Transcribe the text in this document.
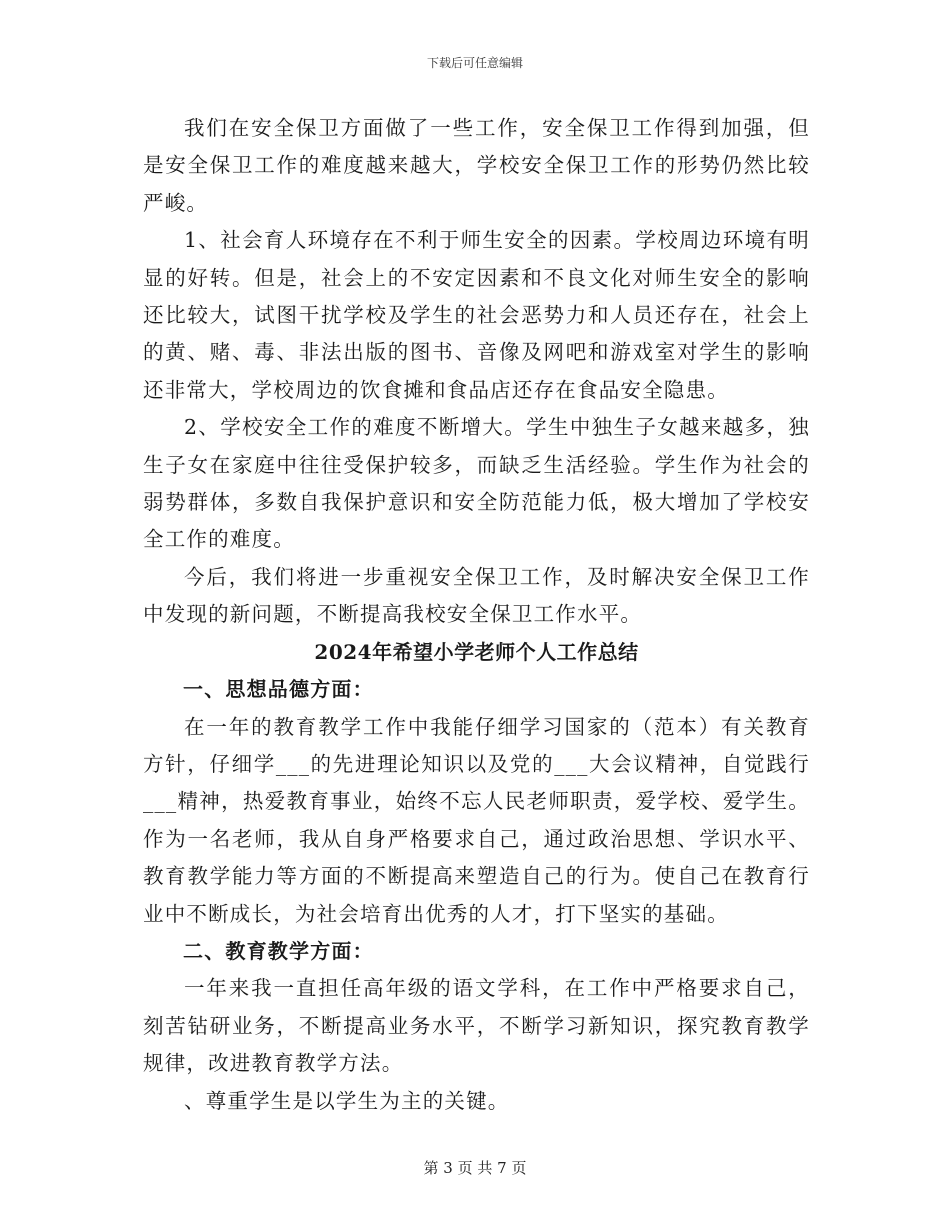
下载后可任意编辑

我们在安全保卫方面做了一些工作，安全保卫工作得到加强，但是安全保卫工作的难度越来越大，学校安全保卫工作的形势仍然比较严峻。

1、社会育人环境存在不利于师生安全的因素。学校周边环境有明显的好转。但是，社会上的不安定因素和不良文化对师生安全的影响还比较大，试图干扰学校及学生的社会恶势力和人员还存在，社会上的黄、赌、毒、非法出版的图书、音像及网吧和游戏室对学生的影响还非常大，学校周边的饮食摊和食品店还存在食品安全隐患。

2、学校安全工作的难度不断增大。学生中独生子女越来越多，独生子女在家庭中往往受保护较多，而缺乏生活经验。学生作为社会的弱势群体，多数自我保护意识和安全防范能力低，极大增加了学校安全工作的难度。

今后，我们将进一步重视安全保卫工作，及时解决安全保卫工作中发现的新问题，不断提高我校安全保卫工作水平。

2024年希望小学老师个人工作总结

一、思想品德方面：

在一年的教育教学工作中我能仔细学习国家的（范本）有关教育方针，仔细学___的先进理论知识以及党的___大会议精神，自觉践行___精神，热爱教育事业，始终不忘人民老师职责，爱学校、爱学生。作为一名老师，我从自身严格要求自己，通过政治思想、学识水平、教育教学能力等方面的不断提高来塑造自己的行为。使自己在教育行业中不断成长，为社会培育出优秀的人才，打下坚实的基础。

二、教育教学方面：

一年来我一直担任高年级的语文学科，在工作中严格要求自己，刻苦钻研业务，不断提高业务水平，不断学习新知识，探究教育教学规律，改进教育教学方法。

、尊重学生是以学生为主的关键。

第 3 页 共 7 页
